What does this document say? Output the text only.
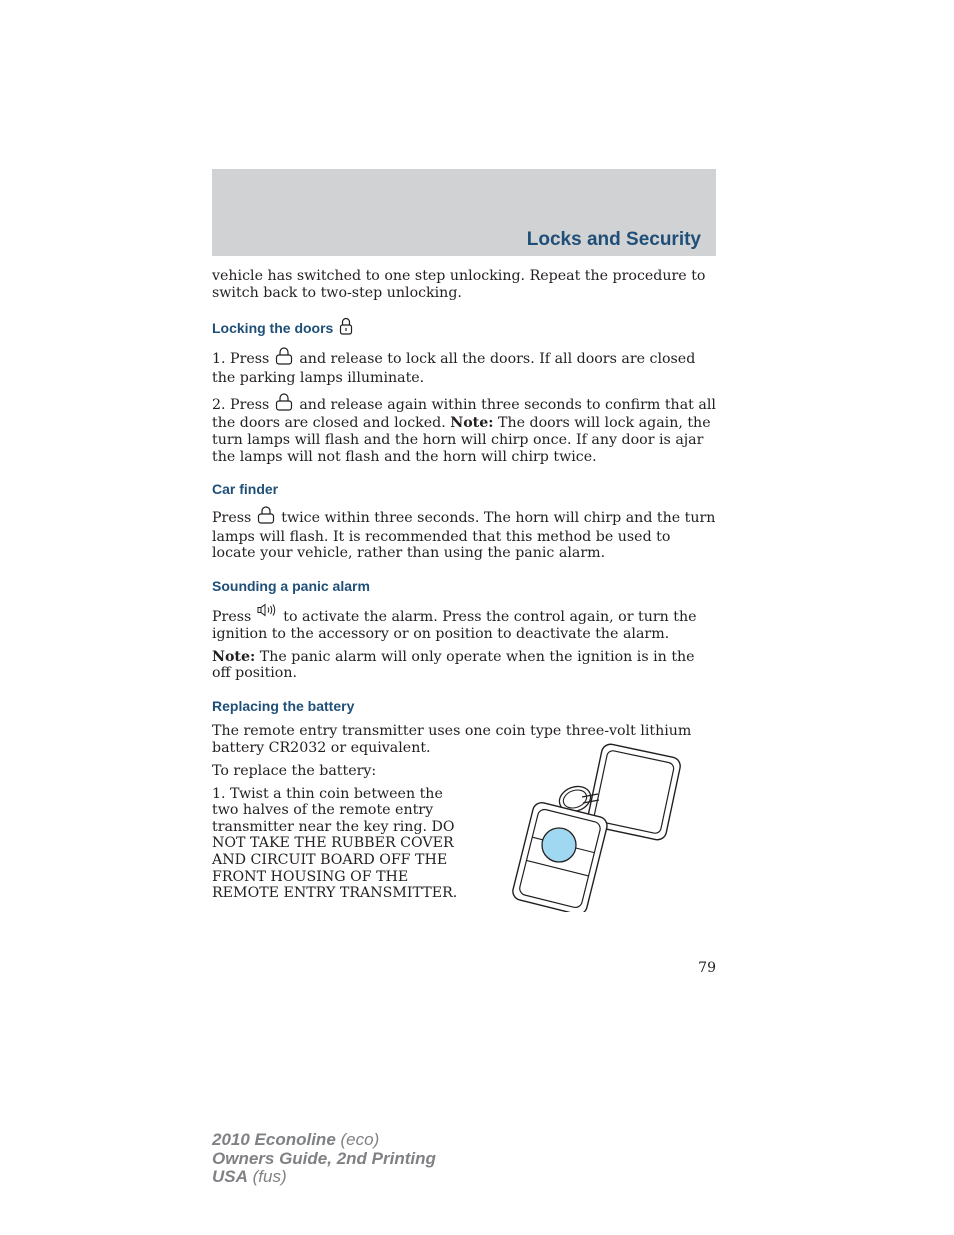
Locks and Security

vehicle has switched to one step unlocking. Repeat the procedure to switch back to two-step unlocking.

Locking the doors

1. Press and release to lock all the doors. If all doors are closed the parking lamps illuminate.

2. Press and release again within three seconds to confirm that all the doors are closed and locked. Note: The doors will lock again, the turn lamps will flash and the horn will chirp once. If any door is ajar the lamps will not flash and the horn will chirp twice.

Car finder

Press twice within three seconds. The horn will chirp and the turn lamps will flash. It is recommended that this method be used to locate your vehicle, rather than using the panic alarm.

Sounding a panic alarm

Press to activate the alarm. Press the control again, or turn the ignition to the accessory or on position to deactivate the alarm.

Note: The panic alarm will only operate when the ignition is in the off position.

Replacing the battery

The remote entry transmitter uses one coin type three-volt lithium battery CR2032 or equivalent.

To replace the battery:

1. Twist a thin coin between the two halves of the remote entry transmitter near the key ring. DO NOT TAKE THE RUBBER COVER AND CIRCUIT BOARD OFF THE FRONT HOUSING OF THE REMOTE ENTRY TRANSMITTER.

79
2010 Econoline (eco)
Owners Guide, 2nd Printing
USA (fus)
